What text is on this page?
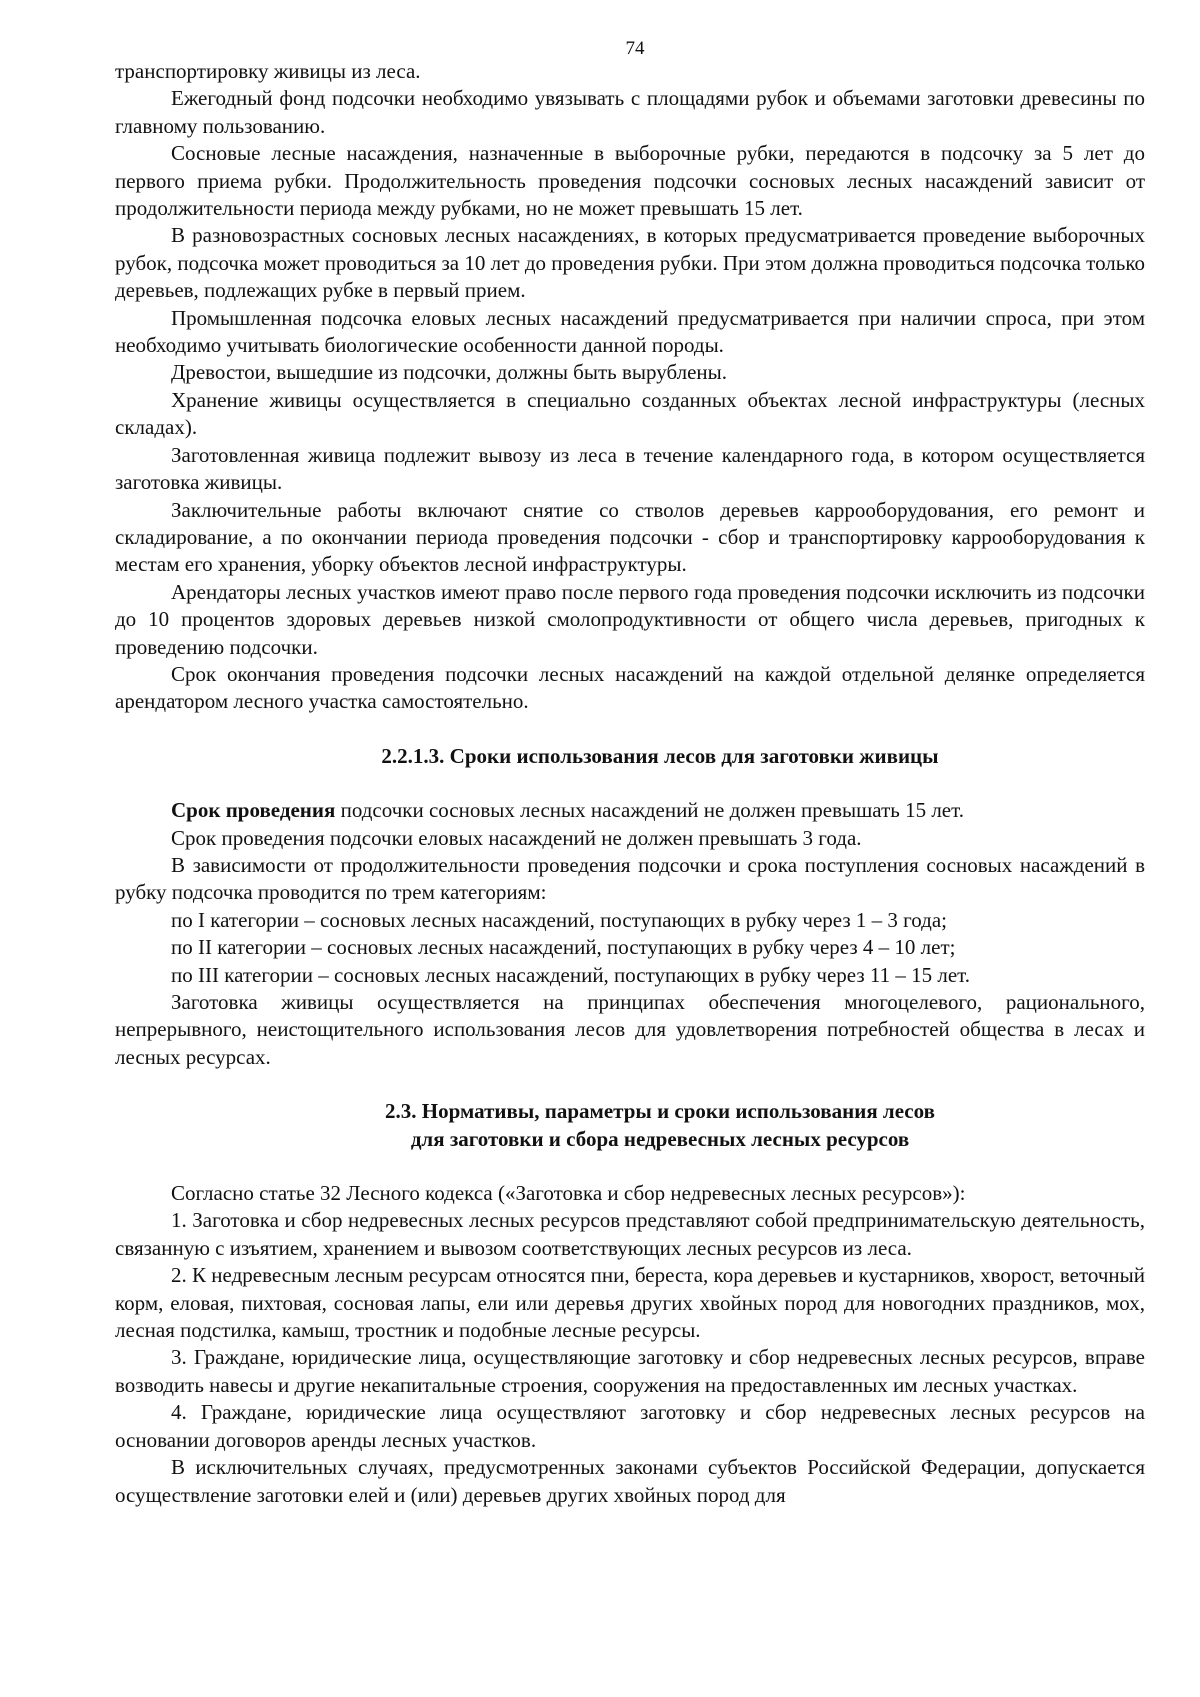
74

транспортировку живицы из леса.

Ежегодный фонд подсочки необходимо увязывать с площадями рубок и объемами заготовки древесины по главному пользованию.

Сосновые лесные насаждения, назначенные в выборочные рубки, передаются в подсочку за 5 лет до первого приема рубки. Продолжительность проведения подсочки сосновых лесных насаждений зависит от продолжительности периода между рубками, но не может превышать 15 лет.

В разновозрастных сосновых лесных насаждениях, в которых предусматривается проведение выборочных рубок, подсочка может проводиться за 10 лет до проведения рубки. При этом должна проводиться подсочка только деревьев, подлежащих рубке в первый прием.

Промышленная подсочка еловых лесных насаждений предусматривается при наличии спроса, при этом необходимо учитывать биологические особенности данной породы.

Древостои, вышедшие из подсочки, должны быть вырублены.

Хранение живицы осуществляется в специально созданных объектах лесной инфраструктуры (лесных складах).

Заготовленная живица подлежит вывозу из леса в течение календарного года, в котором осуществляется заготовка живицы.

Заключительные работы включают снятие со стволов деревьев каррооборудования, его ремонт и складирование, а по окончании периода проведения подсочки - сбор и транспортировку каррооборудования к местам его хранения, уборку объектов лесной инфраструктуры.

Арендаторы лесных участков имеют право после первого года проведения подсочки исключить из подсочки до 10 процентов здоровых деревьев низкой смолопродуктивности от общего числа деревьев, пригодных к проведению подсочки.

Срок окончания проведения подсочки лесных насаждений на каждой отдельной делянке определяется арендатором лесного участка самостоятельно.

2.2.1.3. Сроки использования лесов для заготовки живицы

Срок проведения подсочки сосновых лесных насаждений не должен превышать 15 лет.

Срок проведения подсочки еловых насаждений не должен превышать 3 года.

В зависимости от продолжительности проведения подсочки и срока поступления сосновых насаждений в рубку подсочка проводится по трем категориям:

по I категории – сосновых лесных насаждений, поступающих в рубку через 1 – 3 года;

по II категории – сосновых лесных насаждений, поступающих в рубку через 4 – 10 лет;

по III категории – сосновых лесных насаждений, поступающих в рубку через 11 – 15 лет.

Заготовка живицы осуществляется на принципах обеспечения многоцелевого, рационального, непрерывного, неистощительного использования лесов для удовлетворения потребностей общества в лесах и лесных ресурсах.

2.3. Нормативы, параметры и сроки использования лесов

для заготовки и сбора недревесных лесных ресурсов

Согласно статье 32 Лесного кодекса («Заготовка и сбор недревесных лесных ресурсов»):

1. Заготовка и сбор недревесных лесных ресурсов представляют собой предпринимательскую деятельность, связанную с изъятием, хранением и вывозом соответствующих лесных ресурсов из леса.

2. К недревесным лесным ресурсам относятся пни, береста, кора деревьев и кустарников, хворост, веточный корм, еловая, пихтовая, сосновая лапы, ели или деревья других хвойных пород для новогодних праздников, мох, лесная подстилка, камыш, тростник и подобные лесные ресурсы.

3. Граждане, юридические лица, осуществляющие заготовку и сбор недревесных лесных ресурсов, вправе возводить навесы и другие некапитальные строения, сооружения на предоставленных им лесных участках.

4. Граждане, юридические лица осуществляют заготовку и сбор недревесных лесных ресурсов на основании договоров аренды лесных участков.

В исключительных случаях, предусмотренных законами субъектов Российской Федерации, допускается осуществление заготовки елей и (или) деревьев других хвойных пород для
